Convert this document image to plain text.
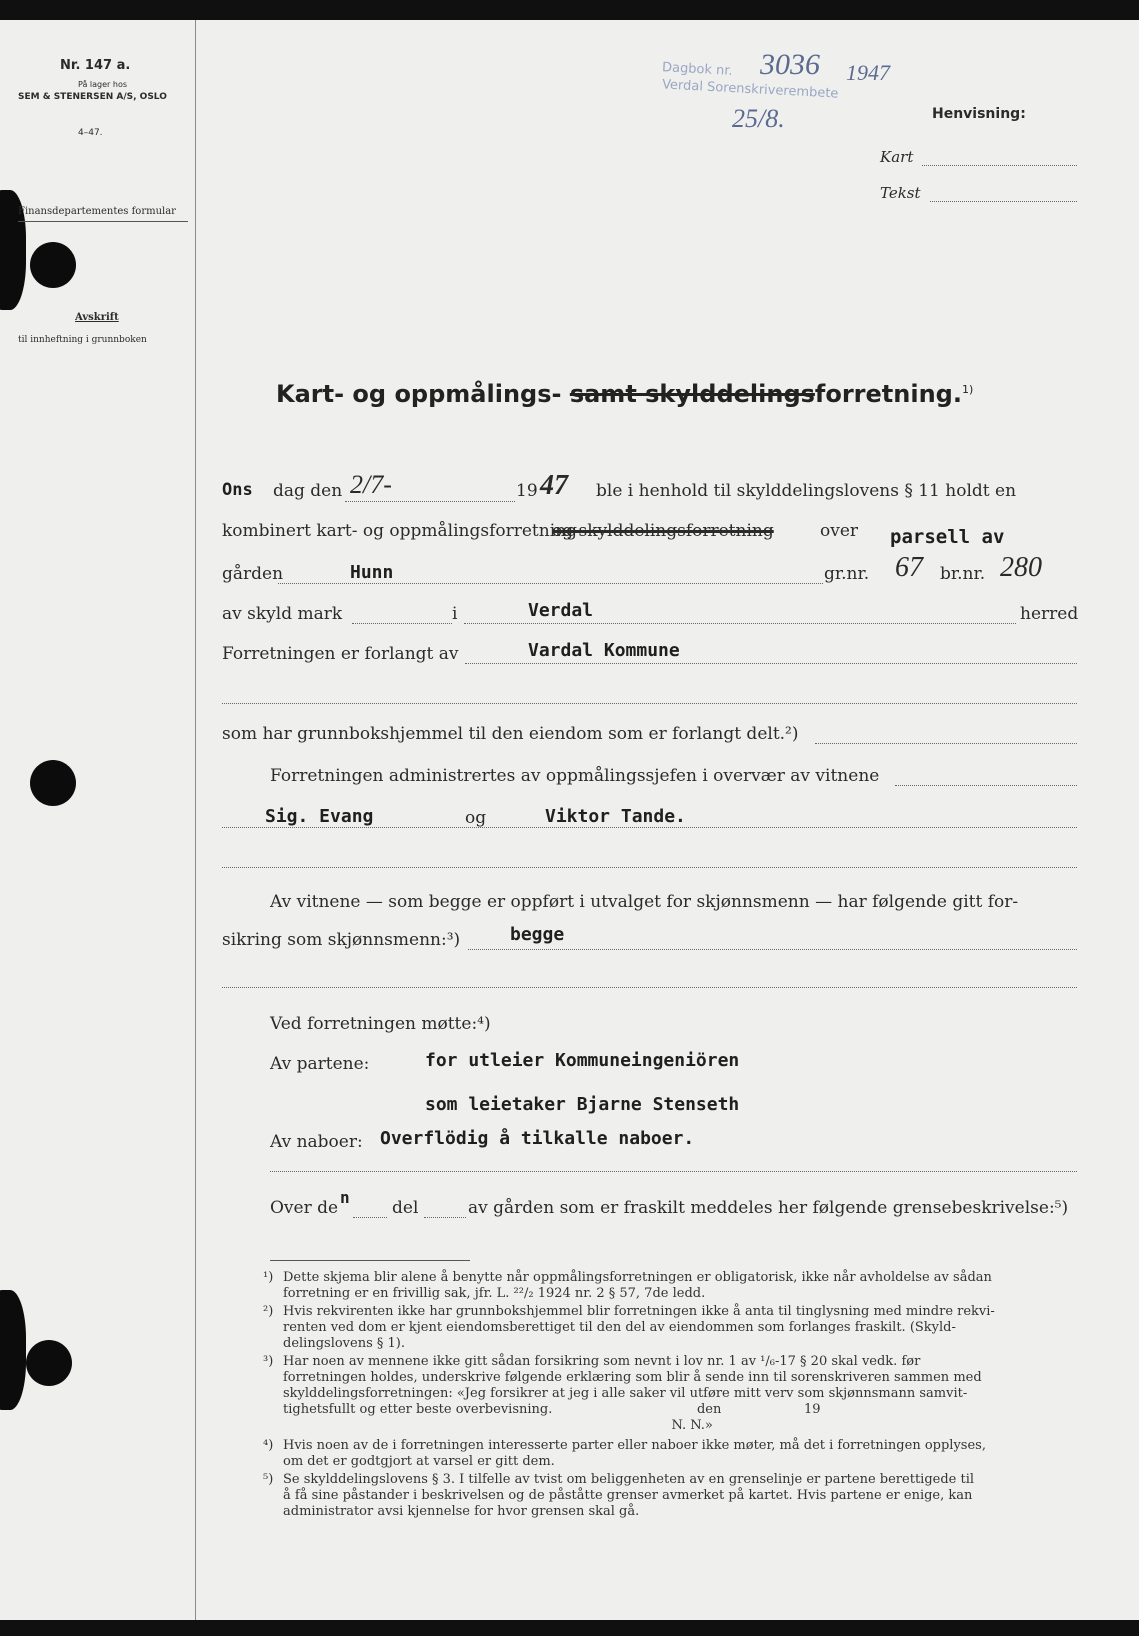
Nr. 147 a.
På lager hos
SEM & STENERSEN A/S, OSLO
4–47.
Finansdepartementes formular
Avskrift
til innheftning i grunnboken
Dagbok nr. 3036 1947
Verdal Sorenskriverembete
25/8.	Henvisning:
Kart
Tekst
Kart- og oppmålings- samt skylddelingsforretning.$^{1)}$
Ons dag den 2/7-	19 47 ble i henhold til skylddelingslovens § 11 holdt en
kombinert kart- og oppmålingsforretning
og skylddelingsforretning	over parsell av
gården	Hunn	gr.nr. 67 br.nr. 280
av skyld mark	i	Verdal	herred
Forretningen er forlangt av	Vardal Kommune
som har grunnbokshjemmel til den eiendom som er forlangt delt.²)
Forretningen administrertes av oppmålingssjefen i overvær av vitnene
Sig. Evang	og	Viktor Tande.
Av vitnene — som begge er oppført i utvalget for skjønnsmenn — har følgende gitt for-
sikring som skjønnsmenn:³)	begge
Ved forretningen møtte:⁴)
Av partene:	for utleier Kommuneingeniören
som leietaker Bjarne Stenseth
Av naboer: Overflödig å tilkalle naboer.
Over de
n
del	av gården som er fraskilt meddeles her følgende grensebeskrivelse:⁵)
¹) Dette skjema blir alene å benytte når oppmålingsforretningen er obligatorisk, ikke når avholdelse av sådan
forretning er en frivillig sak, jfr. L. ²²/₂ 1924 nr. 2 § 57, 7de ledd.
²) Hvis rekvirenten ikke har grunnbokshjemmel blir forretningen ikke å anta til tinglysning med mindre rekvi-
renten ved dom er kjent eiendomsberettiget til den del av eiendommen som forlanges fraskilt. (Skyld-
delingslovens § 1).
³) Har noen av mennene ikke gitt sådan forsikring som nevnt i lov nr. 1 av ¹/₆-17 § 20 skal vedk. før
forretningen holdes, underskrive følgende erklæring som blir å sende inn til sorenskriveren sammen med
skylddelingsforretningen: «Jeg forsikrer at jeg i alle saker vil utføre mitt verv som skjønnsmann samvit-
tighetsfullt og etter beste overbevisning.                                   den                    19
N. N.»
⁴) Hvis noen av de i forretningen interesserte parter eller naboer ikke møter, må det i forretningen opplyses,
om det er godtgjort at varsel er gitt dem.
⁵) Se skylddelingslovens § 3. I tilfelle av tvist om beliggenheten av en grenselinje er partene berettigede til
å få sine påstander i beskrivelsen og de påståtte grenser avmerket på kartet. Hvis partene er enige, kan
administrator avsi kjennelse for hvor grensen skal gå.
